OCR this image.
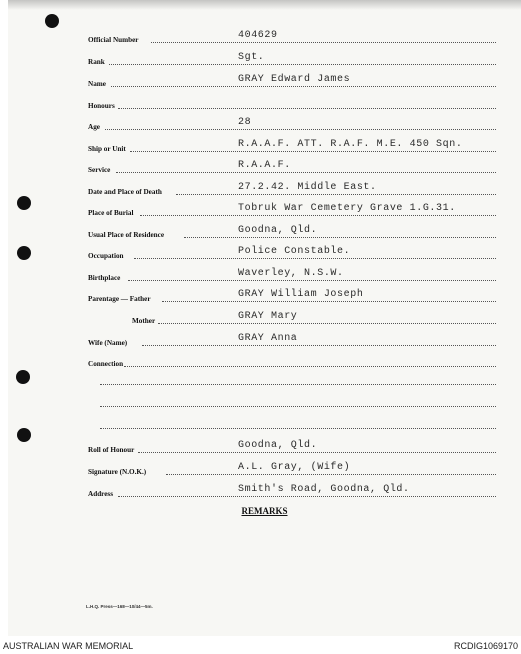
Official Number	404629
Rank	Sgt.
Name	GRAY Edward James
Honours
Age	28
Ship or Unit	R.A.A.F. ATT. R.A.F. M.E. 450 Sqn.
Service	R.A.A.F.
Date and Place of Death	27.2.42. Middle East.
Place of Burial	Tobruk War Cemetery Grave 1.G.31.
Usual Place of Residence	Goodna, Qld.
Occupation	Police Constable.
Birthplace	Waverley, N.S.W.
Parentage — Father	GRAY William Joseph
Mother	GRAY Mary
Wife (Name)	GRAY Anna
Connection
Roll of Honour	Goodna, Qld.
Signature (N.O.K.)	A.L. Gray, (Wife)
Address	Smith's Road, Goodna, Qld.
REMARKS
L.H.Q. Press—168—10/44—5m.
AUSTRALIAN WAR MEMORIAL	RCDIG1069170
